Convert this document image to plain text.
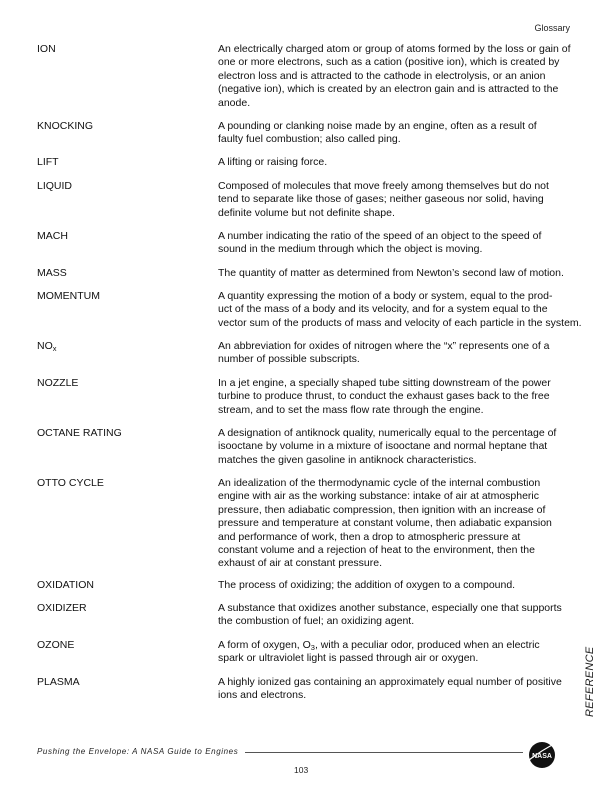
Glossary
ION	An electrically charged atom or group of atoms formed by the loss or gain of
one or more electrons, such as a cation (positive ion), which is created by
electron loss and is attracted to the cathode in electrolysis, or an anion
(negative ion), which is created by an electron gain and is attracted to the
anode.
KNOCKING	A pounding or clanking noise made by an engine, often as a result of
faulty fuel combustion; also called ping.
LIFT	A lifting or raising force.
LIQUID	Composed of molecules that move freely among themselves but do not
tend to separate like those of gases; neither gaseous nor solid, having
definite volume but not definite shape.
MACH	A number indicating the ratio of the speed of an object to the speed of
sound in the medium through which the object is moving.
MASS	The quantity of matter as determined from Newton’s second law of motion.
MOMENTUM	A quantity expressing the motion of a body or system, equal to the prod-
uct of the mass of a body and its velocity, and for a system equal to the
vector sum of the products of mass and velocity of each particle in the system.
$NO_x$	An abbreviation for oxides of nitrogen where the “x” represents one of a
number of possible subscripts.
NOZZLE	In a jet engine, a specially shaped tube sitting downstream of the power
turbine to produce thrust, to conduct the exhaust gases back to the free
stream, and to set the mass flow rate through the engine.
OCTANE RATING	A designation of antiknock quality, numerically equal to the percentage of
isooctane by volume in a mixture of isooctane and normal heptane that
matches the given gasoline in antiknock characteristics.
OTTO CYCLE	An idealization of the thermodynamic cycle of the internal combustion
engine with air as the working substance: intake of air at atmospheric
pressure, then adiabatic compression, then ignition with an increase of
pressure and temperature at constant volume, then adiabatic expansion
and performance of work, then a drop to atmospheric pressure at
constant volume and a rejection of heat to the environment, then the
exhaust of air at constant pressure.
OXIDATION	The process of oxidizing; the addition of oxygen to a compound.
OXIDIZER	A substance that oxidizes another substance, especially one that supports
the combustion of fuel; an oxidizing agent.
OZONE	A form of oxygen, $O_3$, with a peculiar odor, produced when an electric
spark or ultraviolet light is passed through air or oxygen.
PLASMA	A highly ionized gas containing an approximately equal number of positive
ions and electrons.
Pushing the Envelope: A NASA Guide to Engines
103
NASA
REFERENCE
